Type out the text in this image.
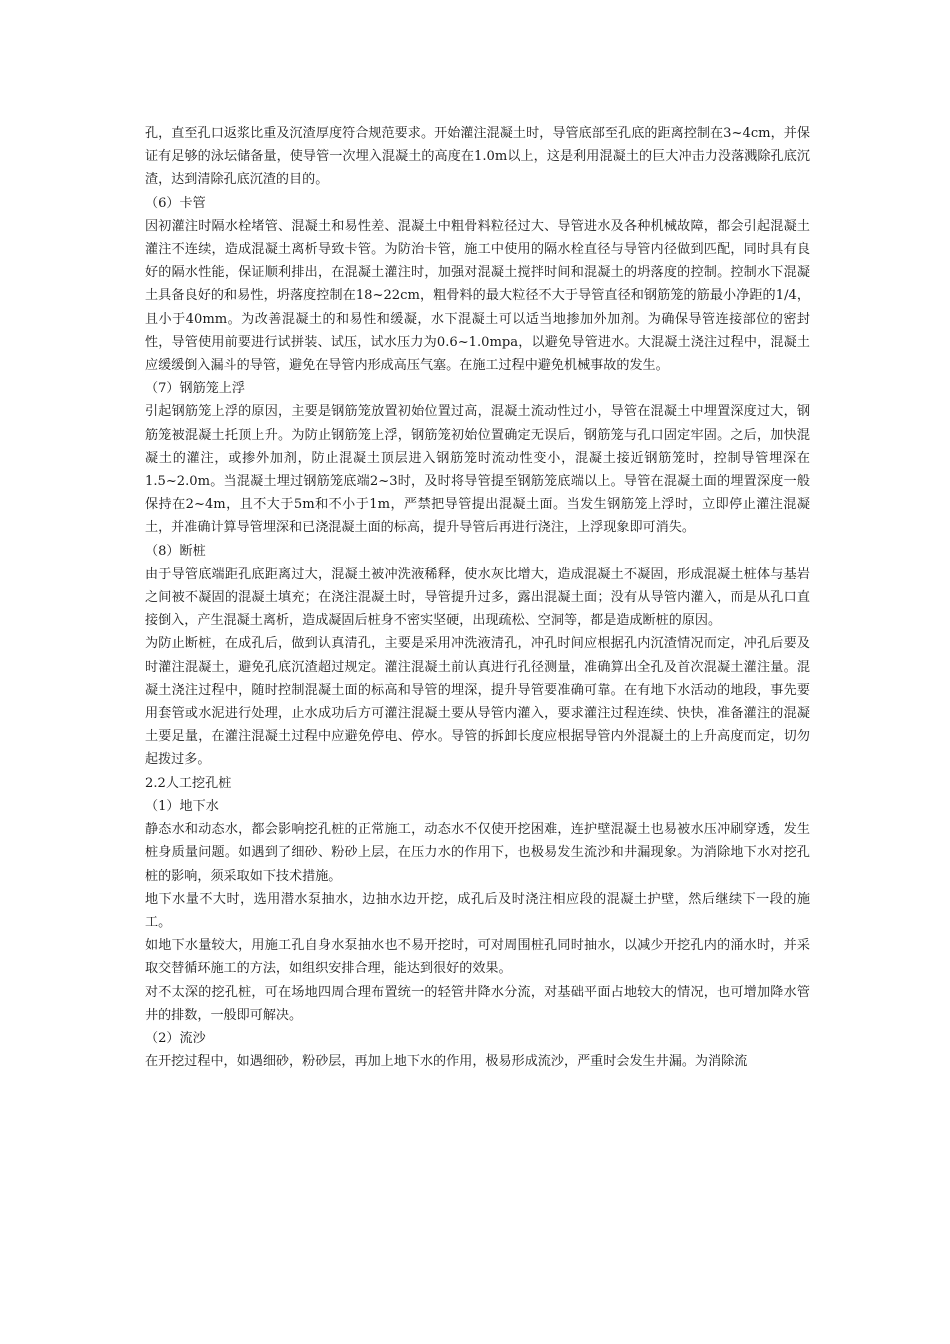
孔，直至孔口返浆比重及沉渣厚度符合规范要求。开始灌注混凝土时，导管底部至孔底的距离控制在3~4cm，并保证有足够的泳坛储备量，使导管一次埋入混凝土的高度在1.0m以上，这是利用混凝土的巨大冲击力没落溅除孔底沉渣，达到清除孔底沉渣的目的。

（6）卡管

因初灌注时隔水栓堵管、混凝土和易性差、混凝土中粗骨料粒径过大、导管进水及各种机械故障，都会引起混凝土灌注不连续，造成混凝土离析导致卡管。为防治卡管，施工中使用的隔水栓直径与导管内径做到匹配，同时具有良好的隔水性能，保证顺利排出，在混凝土灌注时，加强对混凝土搅拌时间和混凝土的坍落度的控制。控制水下混凝土具备良好的和易性，坍落度控制在18~22cm，粗骨料的最大粒径不大于导管直径和钢筋笼的筋最小净距的1/4，且小于40mm。为改善混凝土的和易性和缓凝，水下混凝土可以适当地掺加外加剂。为确保导管连接部位的密封性，导管使用前要进行试拼装、试压，试水压力为0.6~1.0mpa，以避免导管进水。大混凝土浇注过程中，混凝土应缓缓倒入漏斗的导管，避免在导管内形成高压气塞。在施工过程中避免机械事故的发生。

（7）钢筋笼上浮

引起钢筋笼上浮的原因，主要是钢筋笼放置初始位置过高，混凝土流动性过小，导管在混凝土中埋置深度过大，钢筋笼被混凝土托顶上升。为防止钢筋笼上浮，钢筋笼初始位置确定无误后，钢筋笼与孔口固定牢固。之后，加快混凝土的灌注，或掺外加剂，防止混凝土顶层进入钢筋笼时流动性变小，混凝土接近钢筋笼时，控制导管埋深在1.5~2.0m。当混凝土埋过钢筋笼底端2~3时，及时将导管提至钢筋笼底端以上。导管在混凝土面的埋置深度一般保持在2~4m，且不大于5m和不小于1m，严禁把导管提出混凝土面。当发生钢筋笼上浮时，立即停止灌注混凝土，并准确计算导管埋深和已浇混凝土面的标高，提升导管后再进行浇注，上浮现象即可消失。

（8）断桩

由于导管底端距孔底距离过大，混凝土被冲洗液稀释，使水灰比增大，造成混凝土不凝固，形成混凝土桩体与基岩之间被不凝固的混凝土填充；在浇注混凝土时，导管提升过多，露出混凝土面；没有从导管内灌入，而是从孔口直接倒入，产生混凝土离析，造成凝固后桩身不密实坚硬，出现疏松、空洞等，都是造成断桩的原因。

为防止断桩，在成孔后，做到认真清孔，主要是采用冲洗液清孔，冲孔时间应根据孔内沉渣情况而定，冲孔后要及时灌注混凝土，避免孔底沉渣超过规定。灌注混凝土前认真进行孔径测量，准确算出全孔及首次混凝土灌注量。混凝土浇注过程中，随时控制混凝土面的标高和导管的埋深，提升导管要准确可靠。在有地下水活动的地段，事先要用套管或水泥进行处理，止水成功后方可灌注混凝土要从导管内灌入，要求灌注过程连续、快快，准备灌注的混凝土要足量，在灌注混凝土过程中应避免停电、停水。导管的拆卸长度应根据导管内外混凝土的上升高度而定，切勿起拨过多。

2.2人工挖孔桩

（1）地下水

静态水和动态水，都会影响挖孔桩的正常施工，动态水不仅使开挖困难，连护壁混凝土也易被水压冲刷穿透，发生桩身质量问题。如遇到了细砂、粉砂上层，在压力水的作用下，也极易发生流沙和井漏现象。为消除地下水对挖孔桩的影响，须采取如下技术措施。

地下水量不大时，选用潜水泵抽水，边抽水边开挖，成孔后及时浇注相应段的混凝土护壁，然后继续下一段的施工。

如地下水量较大，用施工孔自身水泵抽水也不易开挖时，可对周围桩孔同时抽水，以减少开挖孔内的涌水时，并采取交替循环施工的方法，如组织安排合理，能达到很好的效果。

对不太深的挖孔桩，可在场地四周合理布置统一的轻管井降水分流，对基础平面占地较大的情况，也可增加降水管井的排数，一般即可解决。

（2）流沙

在开挖过程中，如遇细砂，粉砂层，再加上地下水的作用，极易形成流沙，严重时会发生井漏。为消除流
